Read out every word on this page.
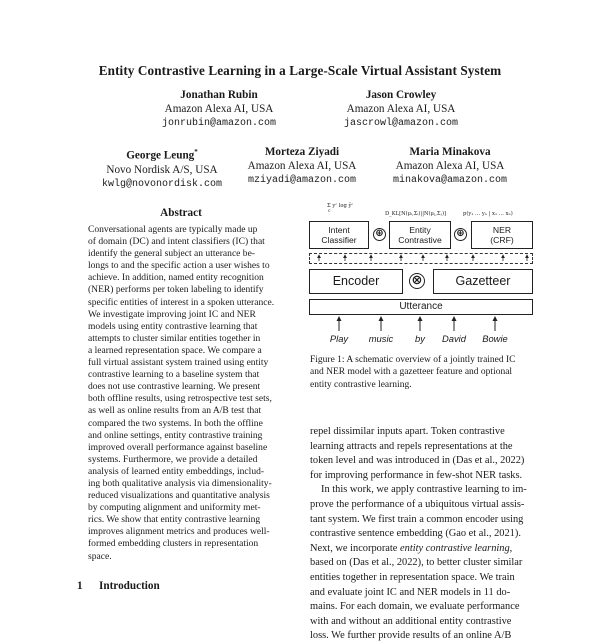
Entity Contrastive Learning in a Large-Scale Virtual Assistant System
Jonathan Rubin
Amazon Alexa AI, USA
jonrubin@amazon.com
Jason Crowley
Amazon Alexa AI, USA
jascrowl@amazon.com
George Leung*
Novo Nordisk A/S, USA
kwlg@novonordisk.com
Morteza Ziyadi
Amazon Alexa AI, USA
mziyadi@amazon.com
Maria Minakova
Amazon Alexa AI, USA
minakova@amazon.com
Abstract
Conversational agents are typically made up
of domain (DC) and intent classifiers (IC) that
identify the general subject an utterance be-
longs to and the specific action a user wishes to
achieve. In addition, named entity recognition
(NER) performs per token labeling to identify
specific entities of interest in a spoken utterance.
We investigate improving joint IC and NER
models using entity contrastive learning that
attempts to cluster similar entities together in
a learned representation space. We compare a
full virtual assistant system trained using entity
contrastive learning to a baseline system that
does not use contrastive learning. We present
both offline results, using retrospective test sets,
as well as online results from an A/B test that
compared the two systems. In both the offline
and online settings, entity contrastive training
improved overall performance against baseline
systems. Furthermore, we provide a detailed
analysis of learned entity embeddings, includ-
ing both qualitative analysis via dimensionality-
reduced visualizations and quantitative analysis
by computing alignment and uniformity met-
rics. We show that entity contrastive learning
improves alignment metrics and produces well-
formed embedding clusters in representation
space.
1 Introduction
Σ yᶜ log ŷᶜ
c	D_KL[N(μᵢ,Σᵢ)||N(μⱼ,Σⱼ)]	p(y₁ … yₙ | x₁ … xₙ)
Intent
Classifier
⊕	Entity
Contrastive
⊕	NER
(CRF)
Encoder	⊗	Gazetteer
Utterance
Play	music	by	David	Bowie
Figure 1: A schematic overview of a jointly trained IC
and NER model with a gazetteer feature and optional
entity contrastive learning.
repel dissimilar inputs apart. Token contrastive
learning attracts and repels representations at the
token level and was introduced in (Das et al., 2022)
for improving performance in few-shot NER tasks.
In this work, we apply contrastive learning to im-
prove the performance of a ubiquitous virtual assis-
tant system. We first train a common encoder using
contrastive sentence embedding (Gao et al., 2021).
Next, we incorporate entity contrastive learning,
based on (Das et al., 2022), to better cluster similar
entities together in representation space. We train
and evaluate joint IC and NER models in 11 do-
mains. For each domain, we evaluate performance
with and without an additional entity contrastive
loss. We further provide results of an online A/B
